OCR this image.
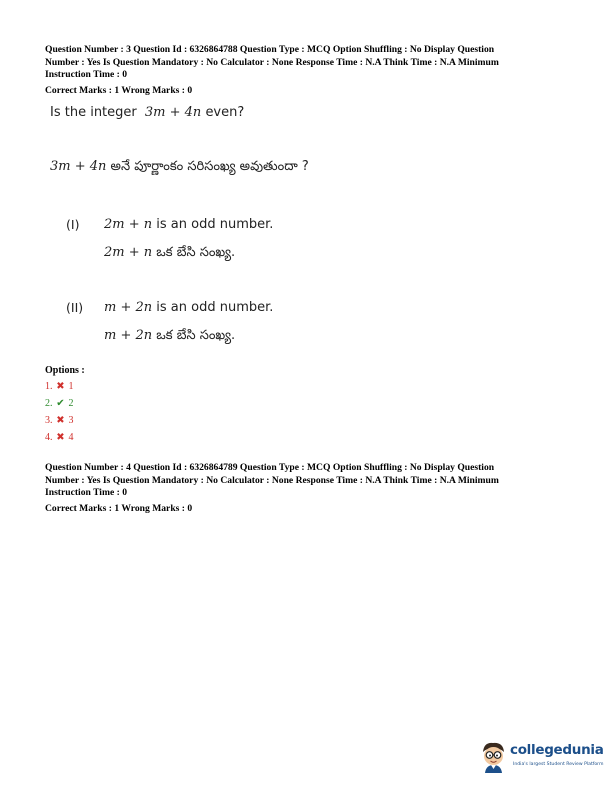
Question Number : 3 Question Id : 6326864788 Question Type : MCQ Option Shuffling : No Display Question
Number : Yes Is Question Mandatory : No Calculator : None Response Time : N.A Think Time : N.A Minimum
Instruction Time : 0
Correct Marks : 1 Wrong Marks : 0
Is the integer 3m + 4n even?
3m + 4n అనే పూర్ణాంకం సరిసంఖ్య అవుతుందా ?
(I) 2m + n is an odd number.
2m + n ఒక బేసి సంఖ్య.
(II) m + 2n is an odd number.
m + 2n ఒక బేసి సంఖ్య.
Options :
1. ✖ 1
2. ✔ 2
3. ✖ 3
4. ✖ 4
Question Number : 4 Question Id : 6326864789 Question Type : MCQ Option Shuffling : No Display Question
Number : Yes Is Question Mandatory : No Calculator : None Response Time : N.A Think Time : N.A Minimum
Instruction Time : 0
Correct Marks : 1 Wrong Marks : 0
collegedunia
India's largest Student Review Platform
